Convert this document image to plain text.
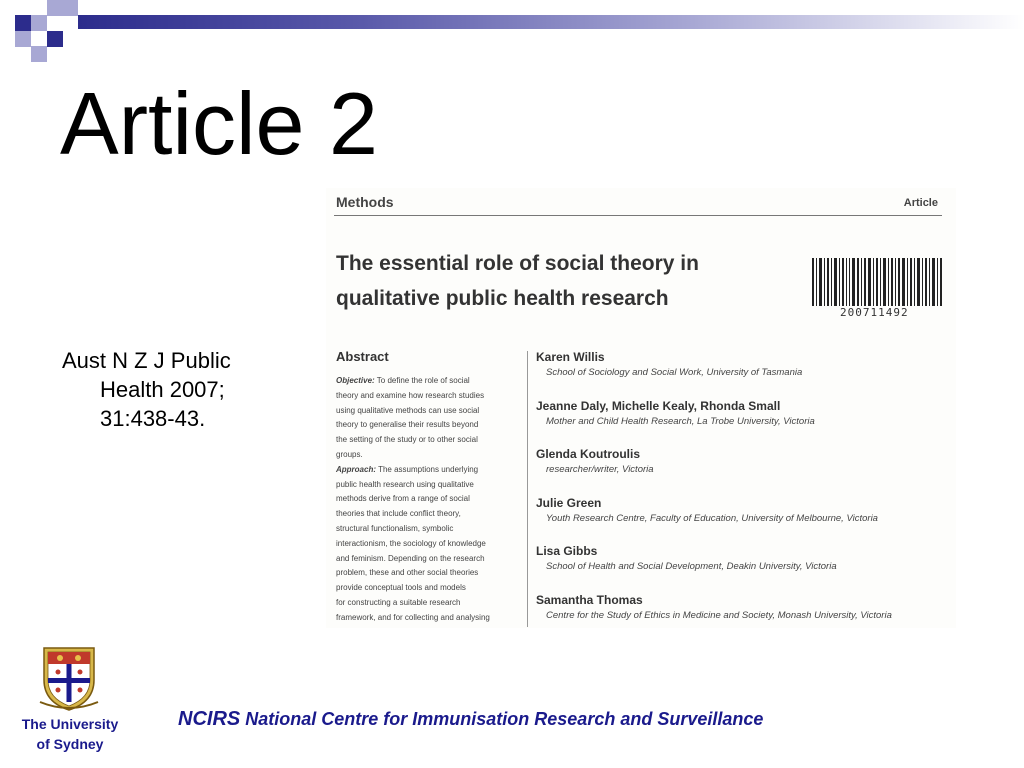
Article 2
Aust N Z J Public
Health 2007;
31:438-43.
Methods	Article
The essential role of social theory in
qualitative public health research
200711492
Abstract
Objective: To define the role of social
theory and examine how research studies
using qualitative methods can use social
theory to generalise their results beyond
the setting of the study or to other social
groups.
Approach: The assumptions underlying
public health research using qualitative
methods derive from a range of social
theories that include conflict theory,
structural functionalism, symbolic
interactionism, the sociology of knowledge
and feminism. Depending on the research
problem, these and other social theories
provide conceptual tools and models
for constructing a suitable research
framework, and for collecting and analysing
Karen Willis
School of Sociology and Social Work, University of Tasmania
Jeanne Daly, Michelle Kealy, Rhonda Small
Mother and Child Health Research, La Trobe University, Victoria
Glenda Koutroulis
researcher/writer, Victoria
Julie Green
Youth Research Centre, Faculty of Education, University of Melbourne, Victoria
Lisa Gibbs
School of Health and Social Development, Deakin University, Victoria
Samantha Thomas
Centre for the Study of Ethics in Medicine and Society, Monash University, Victoria
The University
of Sydney
NCIRS National Centre for Immunisation Research and Surveillance
